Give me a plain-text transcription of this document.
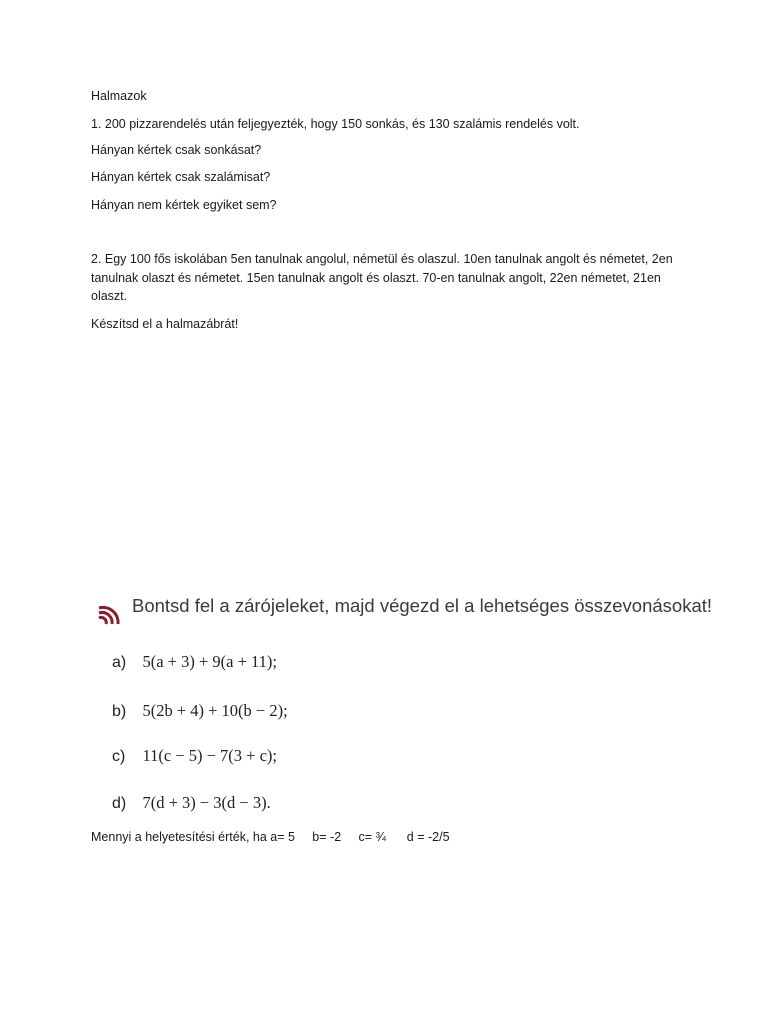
Halmazok

1. 200 pizzarendelés után feljegyezték, hogy 150 sonkás, és 130 szalámis rendelés volt.

Hányan kértek csak sonkásat?

Hányan kértek csak szalámisat?

Hányan nem kértek egyiket sem?

2. Egy 100 fős iskolában 5en tanulnak angolul, németül és olaszul. 10en tanulnak angolt és németet, 2en tanulnak olaszt és németet. 15en tanulnak angolt és olaszt. 70-en tanulnak angolt, 22en németet, 21en olaszt.

Készítsd el a halmazábrát!

Bontsd fel a zárójeleket, majd végezd el a lehetséges összevonásokat!
a) 5(a + 3) + 9(a + 11);
b) 5(2b + 4) + 10(b − 2);
c) 11(c − 5) − 7(3 + c);
d) 7(d + 3) − 3(d − 3).

Mennyi a helyetesítési érték, ha a= 5     b= -2     c= ¾      d = -2/5
